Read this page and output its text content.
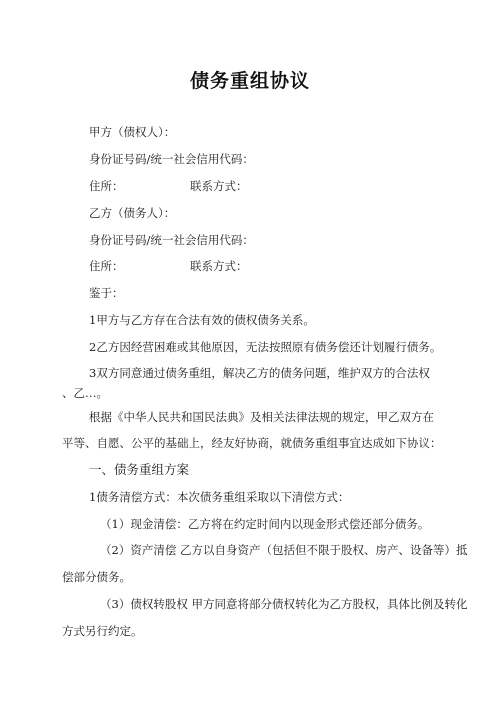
债务重组协议
甲方（债权人）：
身份证号码/统一社会信用代码：
住所：	联系方式：
乙方（债务人）：
身份证号码/统一社会信用代码：
住所：	联系方式：
鉴于：
1甲方与乙方存在合法有效的债权债务关系。
2乙方因经营困难或其他原因，无法按照原有债务偿还计划履行债务。
3双方同意通过债务重组，解决乙方的债务问题，维护双方的合法权
、乙…。
根据《中华人民共和国民法典》及相关法律法规的规定，甲乙双方在
平等、自愿、公平的基础上，经友好协商，就债务重组事宜达成如下协议：
一、债务重组方案
1债务清偿方式：本次债务重组采取以下清偿方式：
（1）现金清偿：乙方将在约定时间内以现金形式偿还部分债务。
（2）资产清偿 乙方以自身资产（包括但不限于股权、房产、设备等）抵
偿部分债务。
（3）债权转股权 甲方同意将部分债权转化为乙方股权，具体比例及转化
方式另行约定。
